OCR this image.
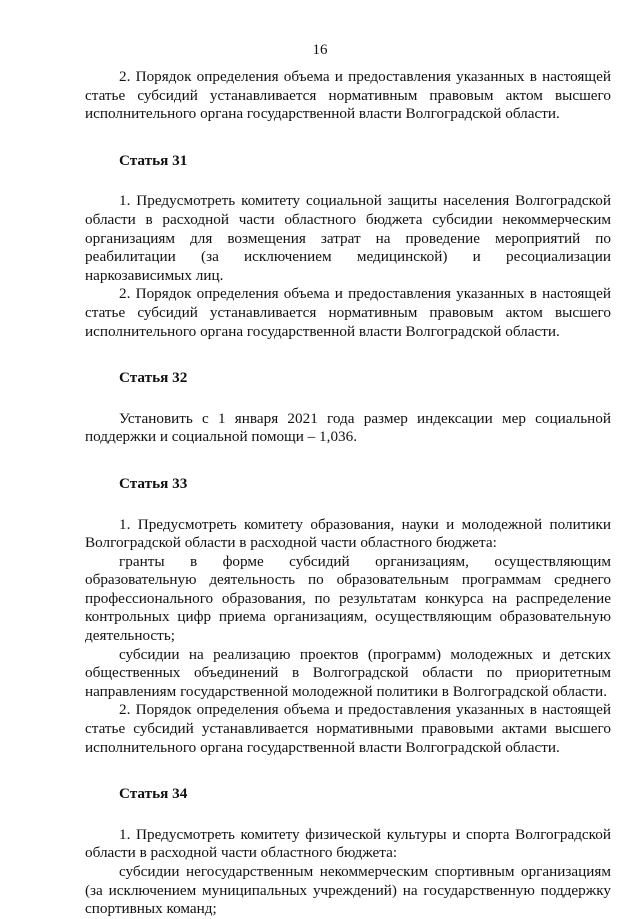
16

2. Порядок определения объема и предоставления указанных в настоящей статье субсидий устанавливается нормативным правовым актом высшего исполнительного органа государственной власти Волгоградской области.

Статья 31

1. Предусмотреть комитету социальной защиты населения Волгоградской области в расходной части областного бюджета субсидии некоммерческим организациям для возмещения затрат на проведение мероприятий по реабилитации (за исключением медицинской) и ресоциализации наркозависимых лиц.

2. Порядок определения объема и предоставления указанных в настоящей статье субсидий устанавливается нормативным правовым актом высшего исполнительного органа государственной власти Волгоградской области.

Статья 32

Установить с 1 января 2021 года размер индексации мер социальной поддержки и социальной помощи – 1,036.

Статья 33

1. Предусмотреть комитету образования, науки и молодежной политики Волгоградской области в расходной части областного бюджета:

гранты в форме субсидий организациям, осуществляющим образовательную деятельность по образовательным программам среднего профессионального образования, по результатам конкурса на распределение контрольных цифр приема организациям, осуществляющим образовательную деятельность;

субсидии на реализацию проектов (программ) молодежных и детских общественных объединений в Волгоградской области по приоритетным направлениям государственной молодежной политики в Волгоградской области.

2. Порядок определения объема и предоставления указанных в настоящей статье субсидий устанавливается нормативными правовыми актами высшего исполнительного органа государственной власти Волгоградской области.

Статья 34

1. Предусмотреть комитету физической культуры и спорта Волгоградской области в расходной части областного бюджета:

субсидии негосударственным некоммерческим спортивным организациям (за исключением муниципальных учреждений) на государственную поддержку спортивных команд;
